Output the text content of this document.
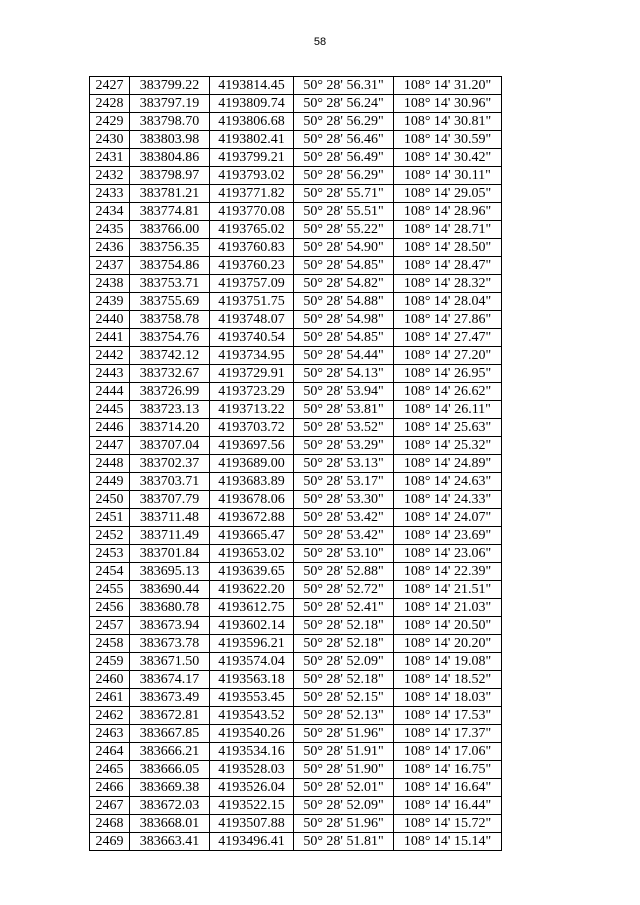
58
2427	383799.22	4193814.45	50° 28' 56.31"	108° 14' 31.20"
2428	383797.19	4193809.74	50° 28' 56.24"	108° 14' 30.96"
2429	383798.70	4193806.68	50° 28' 56.29"	108° 14' 30.81"
2430	383803.98	4193802.41	50° 28' 56.46"	108° 14' 30.59"
2431	383804.86	4193799.21	50° 28' 56.49"	108° 14' 30.42"
2432	383798.97	4193793.02	50° 28' 56.29"	108° 14' 30.11"
2433	383781.21	4193771.82	50° 28' 55.71"	108° 14' 29.05"
2434	383774.81	4193770.08	50° 28' 55.51"	108° 14' 28.96"
2435	383766.00	4193765.02	50° 28' 55.22"	108° 14' 28.71"
2436	383756.35	4193760.83	50° 28' 54.90"	108° 14' 28.50"
2437	383754.86	4193760.23	50° 28' 54.85"	108° 14' 28.47"
2438	383753.71	4193757.09	50° 28' 54.82"	108° 14' 28.32"
2439	383755.69	4193751.75	50° 28' 54.88"	108° 14' 28.04"
2440	383758.78	4193748.07	50° 28' 54.98"	108° 14' 27.86"
2441	383754.76	4193740.54	50° 28' 54.85"	108° 14' 27.47"
2442	383742.12	4193734.95	50° 28' 54.44"	108° 14' 27.20"
2443	383732.67	4193729.91	50° 28' 54.13"	108° 14' 26.95"
2444	383726.99	4193723.29	50° 28' 53.94"	108° 14' 26.62"
2445	383723.13	4193713.22	50° 28' 53.81"	108° 14' 26.11"
2446	383714.20	4193703.72	50° 28' 53.52"	108° 14' 25.63"
2447	383707.04	4193697.56	50° 28' 53.29"	108° 14' 25.32"
2448	383702.37	4193689.00	50° 28' 53.13"	108° 14' 24.89"
2449	383703.71	4193683.89	50° 28' 53.17"	108° 14' 24.63"
2450	383707.79	4193678.06	50° 28' 53.30"	108° 14' 24.33"
2451	383711.48	4193672.88	50° 28' 53.42"	108° 14' 24.07"
2452	383711.49	4193665.47	50° 28' 53.42"	108° 14' 23.69"
2453	383701.84	4193653.02	50° 28' 53.10"	108° 14' 23.06"
2454	383695.13	4193639.65	50° 28' 52.88"	108° 14' 22.39"
2455	383690.44	4193622.20	50° 28' 52.72"	108° 14' 21.51"
2456	383680.78	4193612.75	50° 28' 52.41"	108° 14' 21.03"
2457	383673.94	4193602.14	50° 28' 52.18"	108° 14' 20.50"
2458	383673.78	4193596.21	50° 28' 52.18"	108° 14' 20.20"
2459	383671.50	4193574.04	50° 28' 52.09"	108° 14' 19.08"
2460	383674.17	4193563.18	50° 28' 52.18"	108° 14' 18.52"
2461	383673.49	4193553.45	50° 28' 52.15"	108° 14' 18.03"
2462	383672.81	4193543.52	50° 28' 52.13"	108° 14' 17.53"
2463	383667.85	4193540.26	50° 28' 51.96"	108° 14' 17.37"
2464	383666.21	4193534.16	50° 28' 51.91"	108° 14' 17.06"
2465	383666.05	4193528.03	50° 28' 51.90"	108° 14' 16.75"
2466	383669.38	4193526.04	50° 28' 52.01"	108° 14' 16.64"
2467	383672.03	4193522.15	50° 28' 52.09"	108° 14' 16.44"
2468	383668.01	4193507.88	50° 28' 51.96"	108° 14' 15.72"
2469	383663.41	4193496.41	50° 28' 51.81"	108° 14' 15.14"
